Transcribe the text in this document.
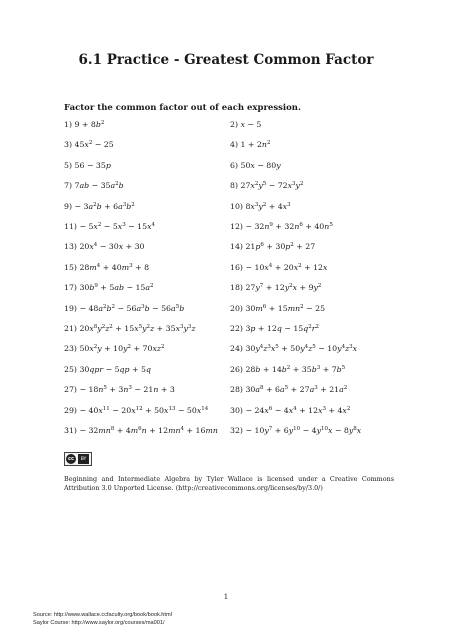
6.1 Practice - Greatest Common Factor
Factor the common factor out of each expression.
1) $9 + 8b^2$
3) $45x^2 - 25$
5) 56 − 35p
7) $7ab - 35a^2b$
$9) - 3a^2b + 6a^3b^2$
$11) - 5x^2 - 5x^3 - 15x^4$
13) $20x^4 - 30x + 30$
15) $28m^4 + 40m^3 + 8$
17) $30b^9 + 5ab - 15a^2$
$19) - 48a^2b^2 - 56a^3b - 56a^5b$
21) $20x^8y^2z^2 + 15x^5y^2z + 35x^3y^3z$
23) $50x^2y + 10y^2 + 70xz^2$
25) 30qpr − 5qp + 5q
$27) - 18n^5 + 3n^3 - 21n + 3$
$29) - 40x^{11} - 20x^{12} + 50x^{13} - 50x^{14}$
$31) - 32mn^8 + 4m^6n + 12mn^4 + 16mn$
2) x − 5
4) $1 + 2n^2$
6) 50x − 80y
8) $27x^2y^5 - 72x^3y^2$
10) $8x^3y^2 + 4x^3$
$12) - 32n^9 + 32n^6 + 40n^5$
14) $21p^6 + 30p^2 + 27$
$16) - 10x^4 + 20x^2 + 12x$
18) $27y^7 + 12y^2x + 9y^2$
20) $30m^6 + 15mn^2 - 25$
22) $3p + 12q - 15q^2r^2$
24) $30y^4z^3x^5 + 50y^4z^5 - 10y^4z^3x$
26) $28b + 14b^2 + 35b^3 + 7b^5$
28) $30a^8 + 6a^5 + 27a^3 + 21a^2$
$30) - 24x^6 - 4x^4 + 12x^3 + 4x^2$
$32) - 10y^7 + 6y^{10} - 4y^{10}x - 8y^8x$
cc	BY
Beginning and Intermediate Algebra by Tyler Wallace is licensed under a Creative Commons Attribution 3.0 Unported License. (http://creativecommons.org/licenses/by/3.0/)
1
Source: http://www.wallace.ccfaculty.org/book/book.html
Saylor Course: http://www.saylor.org/courses/ma001/
